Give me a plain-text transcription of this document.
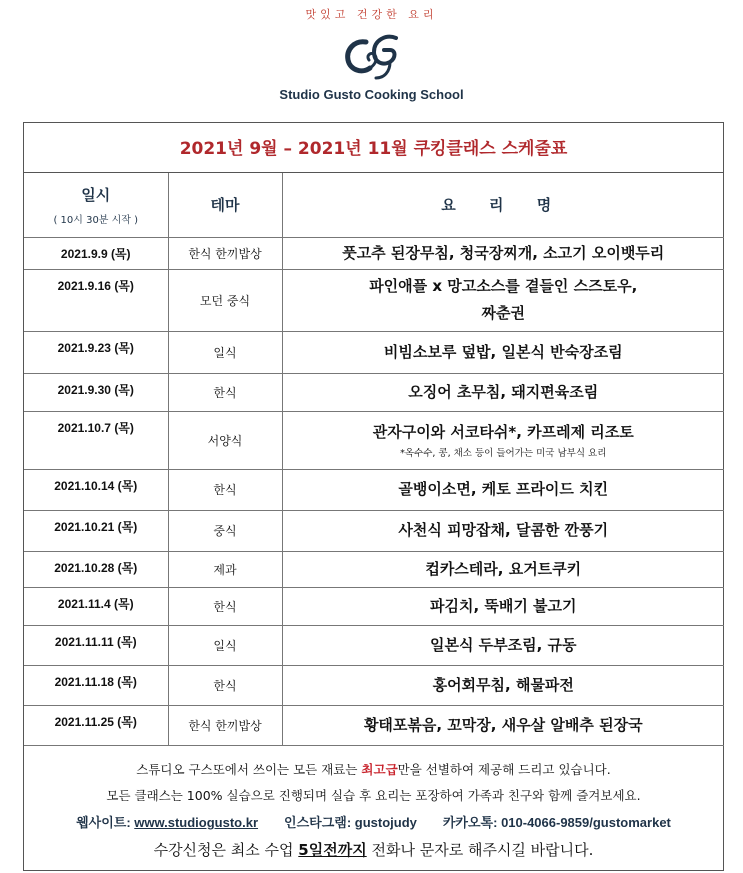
맛있고 건강한 요리
Studio Gusto Cooking School
2021년 9월 – 2021년 11월 쿠킹클래스 스케줄표
일시
( 10시 30분 시작 )	테마	요 리 명
2021.9.9 (목)	한식 한끼밥상	풋고추 된장무침, 청국장찌개, 소고기 오이뱃두리
2021.9.16 (목)	모던 중식	파인애플 x 망고소스를 곁들인 스즈토우,
짜춘권
2021.9.23 (목)	일식	비빔소보루 덮밥, 일본식 반숙장조림
2021.9.30 (목)	한식	오징어 초무침, 돼지편육조림
2021.10.7 (목)	서양식	관자구이와 서코타쉬*, 카프레제 리조토
*옥수수, 콩, 채소 등이 들어가는 미국 남부식 요리

2021.10.14 (목)	한식	골뱅이소면, 케토 프라이드 치킨
2021.10.21 (목)	중식	사천식 피망잡채, 달콤한 깐풍기
2021.10.28 (목)	제과	컵카스테라, 요거트쿠키
2021.11.4 (목)	한식	파김치, 뚝배기 불고기
2021.11.11 (목)	일식	일본식 두부조림, 규동
2021.11.18 (목)	한식	홍어회무침, 해물파전
2021.11.25 (목)	한식 한끼밥상	황태포볶음, 꼬막장, 새우살 알배추 된장국
스튜디오 구스또에서 쓰이는 모든 재료는 최고급만을 선별하여 제공해 드리고 있습니다.
모든 클래스는 100% 실습으로 진행되며 실습 후 요리는 포장하여 가족과 친구와 함께 즐겨보세요.
웹사이트: www.studiogusto.kr 인스타그램: gustojudy 카카오톡: 010-4066-9859/gustomarket
수강신청은 최소 수업 5일전까지 전화나 문자로 해주시길 바랍니다.
